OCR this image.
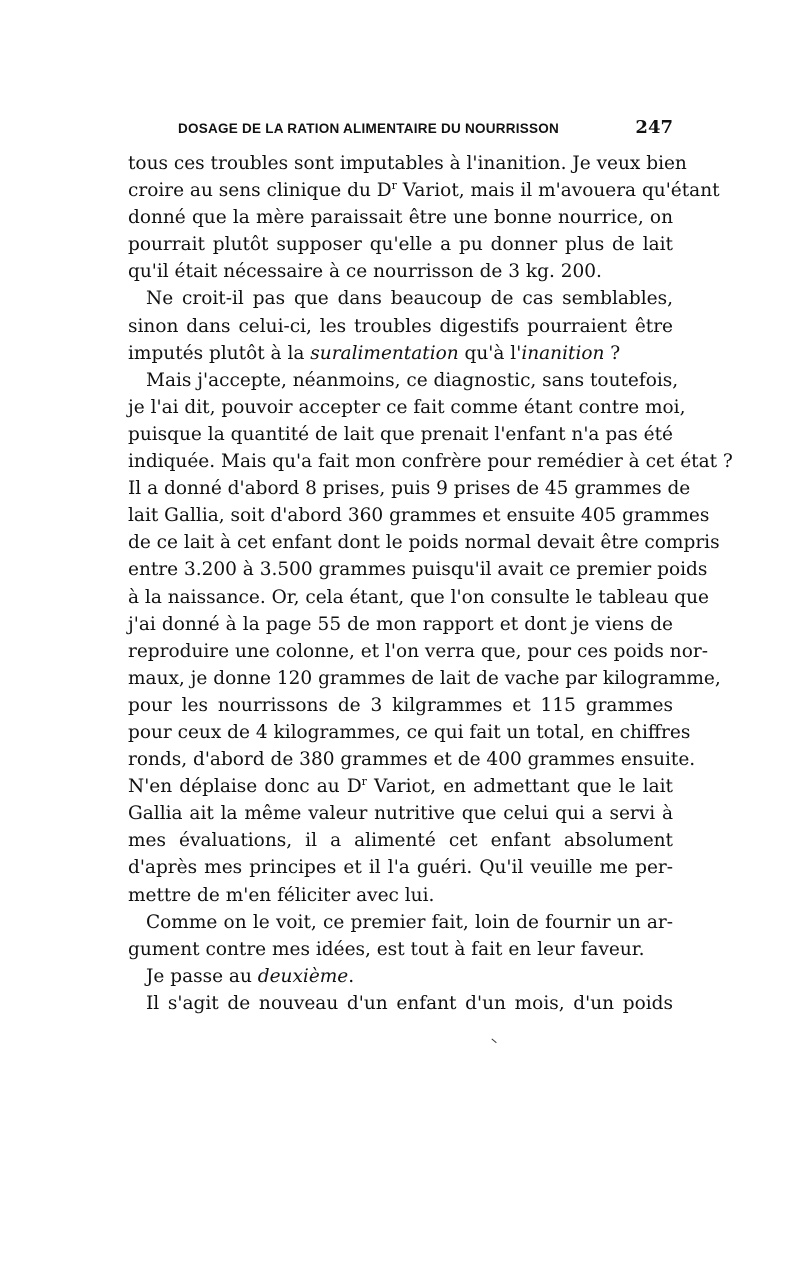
DOSAGE DE LA RATION ALIMENTAIRE DU NOURRISSON	247
tous ces troubles sont imputables à l'inanition. Je veux bien
croire au sens clinique du $D^r$ Variot, mais il m'avouera qu'étant
donné que la mère paraissait être une bonne nourrice, on
pourrait plutôt supposer qu'elle a pu donner plus de lait
qu'il était nécessaire à ce nourrisson de 3 kg. 200.
Ne croit-il pas que dans beaucoup de cas semblables,
sinon dans celui-ci, les troubles digestifs pourraient être
imputés plutôt à la suralimentation qu'à l'inanition ?
Mais j'accepte, néanmoins, ce diagnostic, sans toutefois,
je l'ai dit, pouvoir accepter ce fait comme étant contre moi,
puisque la quantité de lait que prenait l'enfant n'a pas été
indiquée. Mais qu'a fait mon confrère pour remédier à cet état ?
Il a donné d'abord 8 prises, puis 9 prises de 45 grammes de
lait Gallia, soit d'abord 360 grammes et ensuite 405 grammes
de ce lait à cet enfant dont le poids normal devait être compris
entre 3.200 à 3.500 grammes puisqu'il avait ce premier poids
à la naissance. Or, cela étant, que l'on consulte le tableau que
j'ai donné à la page 55 de mon rapport et dont je viens de
reproduire une colonne, et l'on verra que, pour ces poids nor-
maux, je donne 120 grammes de lait de vache par kilogramme,
pour les nourrissons de 3 kilgrammes et 115 grammes
pour ceux de 4 kilogrammes, ce qui fait un total, en chiffres
ronds, d'abord de 380 grammes et de 400 grammes ensuite.
N'en déplaise donc au $D^r$ Variot, en admettant que le lait
Gallia ait la même valeur nutritive que celui qui a servi à
mes évaluations, il a alimenté cet enfant absolument
d'après mes principes et il l'a guéri. Qu'il veuille me per-
mettre de m'en féliciter avec lui.
Comme on le voit, ce premier fait, loin de fournir un ar-
gument contre mes idées, est tout à fait en leur faveur.
Je passe au deuxième.
Il s'agit de nouveau d'un enfant d'un mois, d'un poids
